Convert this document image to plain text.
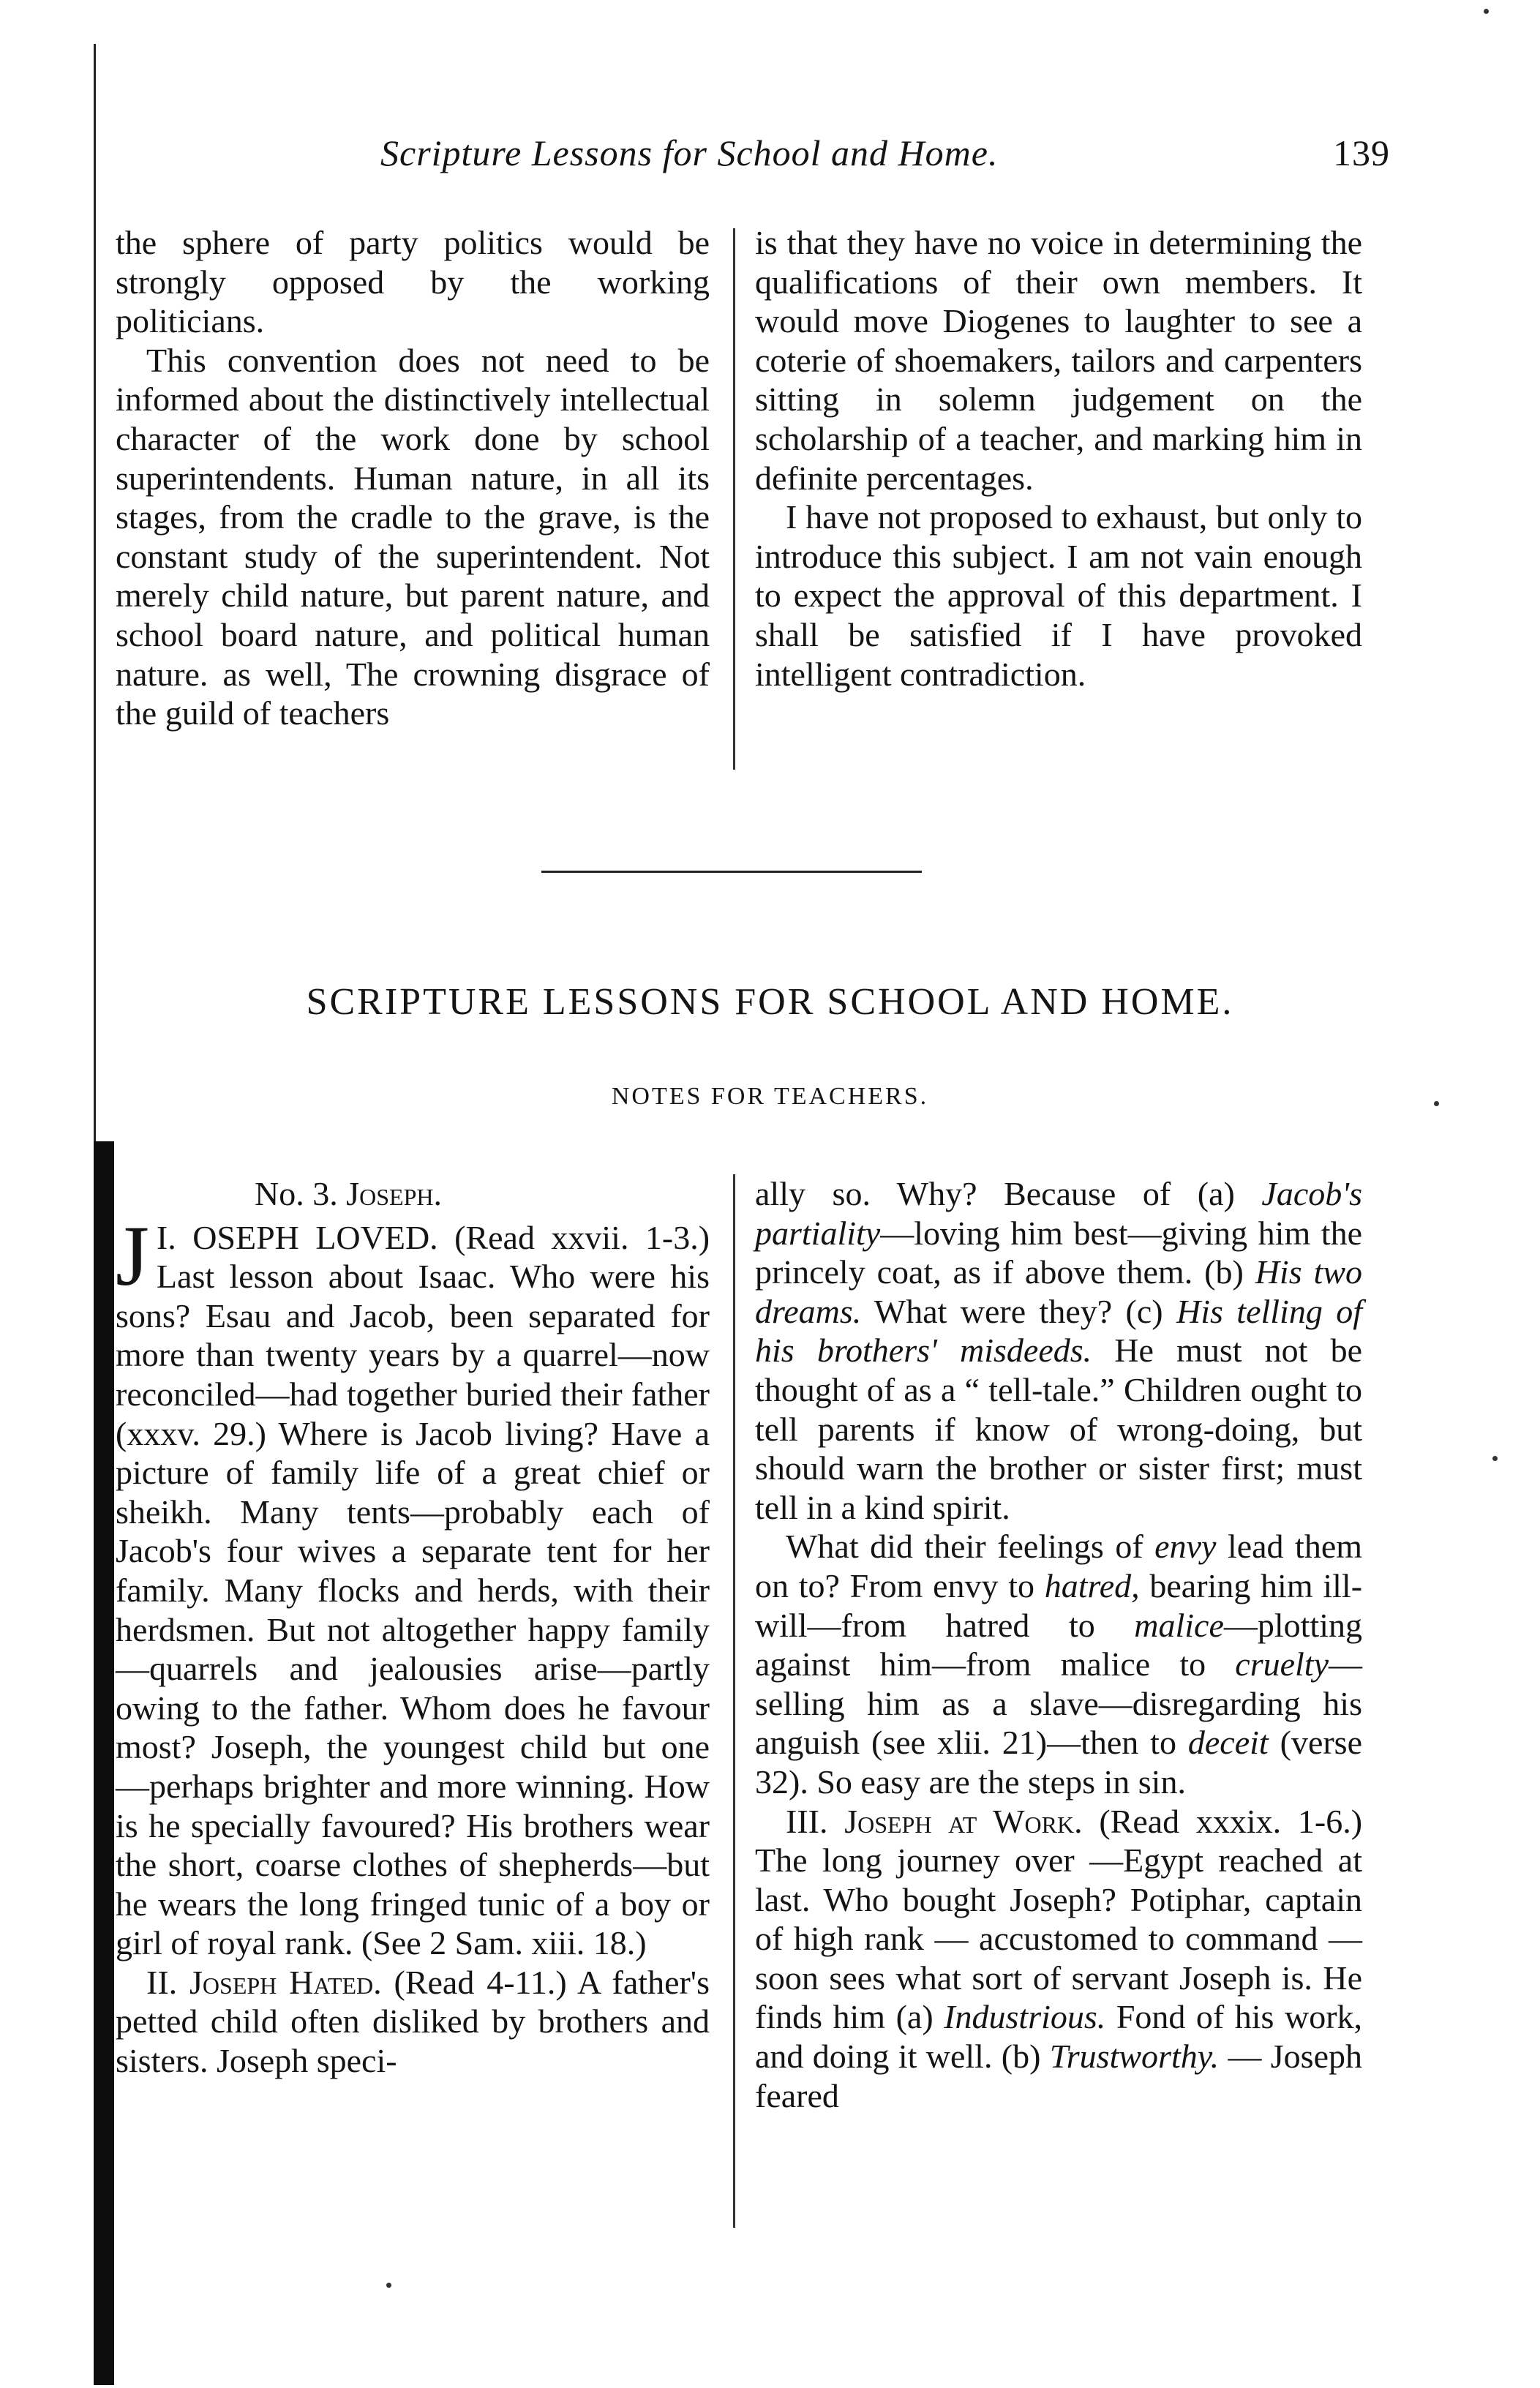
Scripture Lessons for School and Home.	139

the sphere of party politics would be strongly opposed by the working politicians.

This convention does not need to be informed about the distinctively intellectual character of the work done by school superintendents. Human nature, in all its stages, from the cradle to the grave, is the constant study of the superintendent. Not merely child nature, but parent nature, and school board nature, and political human nature. as well, The crowning disgrace of the guild of teachers

is that they have no voice in determining the qualifications of their own members. It would move Diogenes to laughter to see a coterie of shoemakers, tailors and carpenters sitting in solemn judgement on the scholarship of a teacher, and marking him in definite percentages.

I have not proposed to exhaust, but only to introduce this subject. I am not vain enough to expect the approval of this department. I shall be satisfied if I have provoked intelligent contradiction.

SCRIPTURE LESSONS FOR SCHOOL AND HOME.
NOTES FOR TEACHERS.
No. 3. Joseph.

I.
J OSEPH LOVED. (Read xxvii. 1-3.) Last lesson about Isaac. Who were his sons? Esau and Jacob, been separated for more than twenty years by a quarrel—now reconciled—had together buried their father (xxxv. 29.) Where is Jacob living? Have a picture of family life of a great chief or sheikh. Many tents—probably each of Jacob's four wives a separate tent for her family. Many flocks and herds, with their herdsmen. But not altogether happy family—quarrels and jealousies arise—partly owing to the father. Whom does he favour most? Joseph, the youngest child but one —perhaps brighter and more winning. How is he specially favoured? His brothers wear the short, coarse clothes of shepherds—but he wears the long fringed tunic of a boy or girl of royal rank. (See 2 Sam. xiii. 18.)

II. Joseph Hated. (Read 4-11.) A father's petted child often disliked by brothers and sisters. Joseph speci-

ally so. Why? Because of (a) Jacob's partiality—loving him best—giving him the princely coat, as if above them. (b) His two dreams. What were they? (c) His telling of his brothers' misdeeds. He must not be thought of as a “ tell-tale.” Children ought to tell parents if know of wrong-doing, but should warn the brother or sister first; must tell in a kind spirit.

What did their feelings of envy lead them on to? From envy to hatred, bearing him ill-will—from hatred to malice—plotting against him—from malice to cruelty—selling him as a slave—disregarding his anguish (see xlii. 21)—then to deceit (verse 32). So easy are the steps in sin.

III. Joseph at Work. (Read xxxix. 1-6.) The long journey over —Egypt reached at last. Who bought Joseph? Potiphar, captain of high rank — accustomed to command — soon sees what sort of servant Joseph is. He finds him (a) Industrious. Fond of his work, and doing it well. (b) Trustworthy. — Joseph feared
